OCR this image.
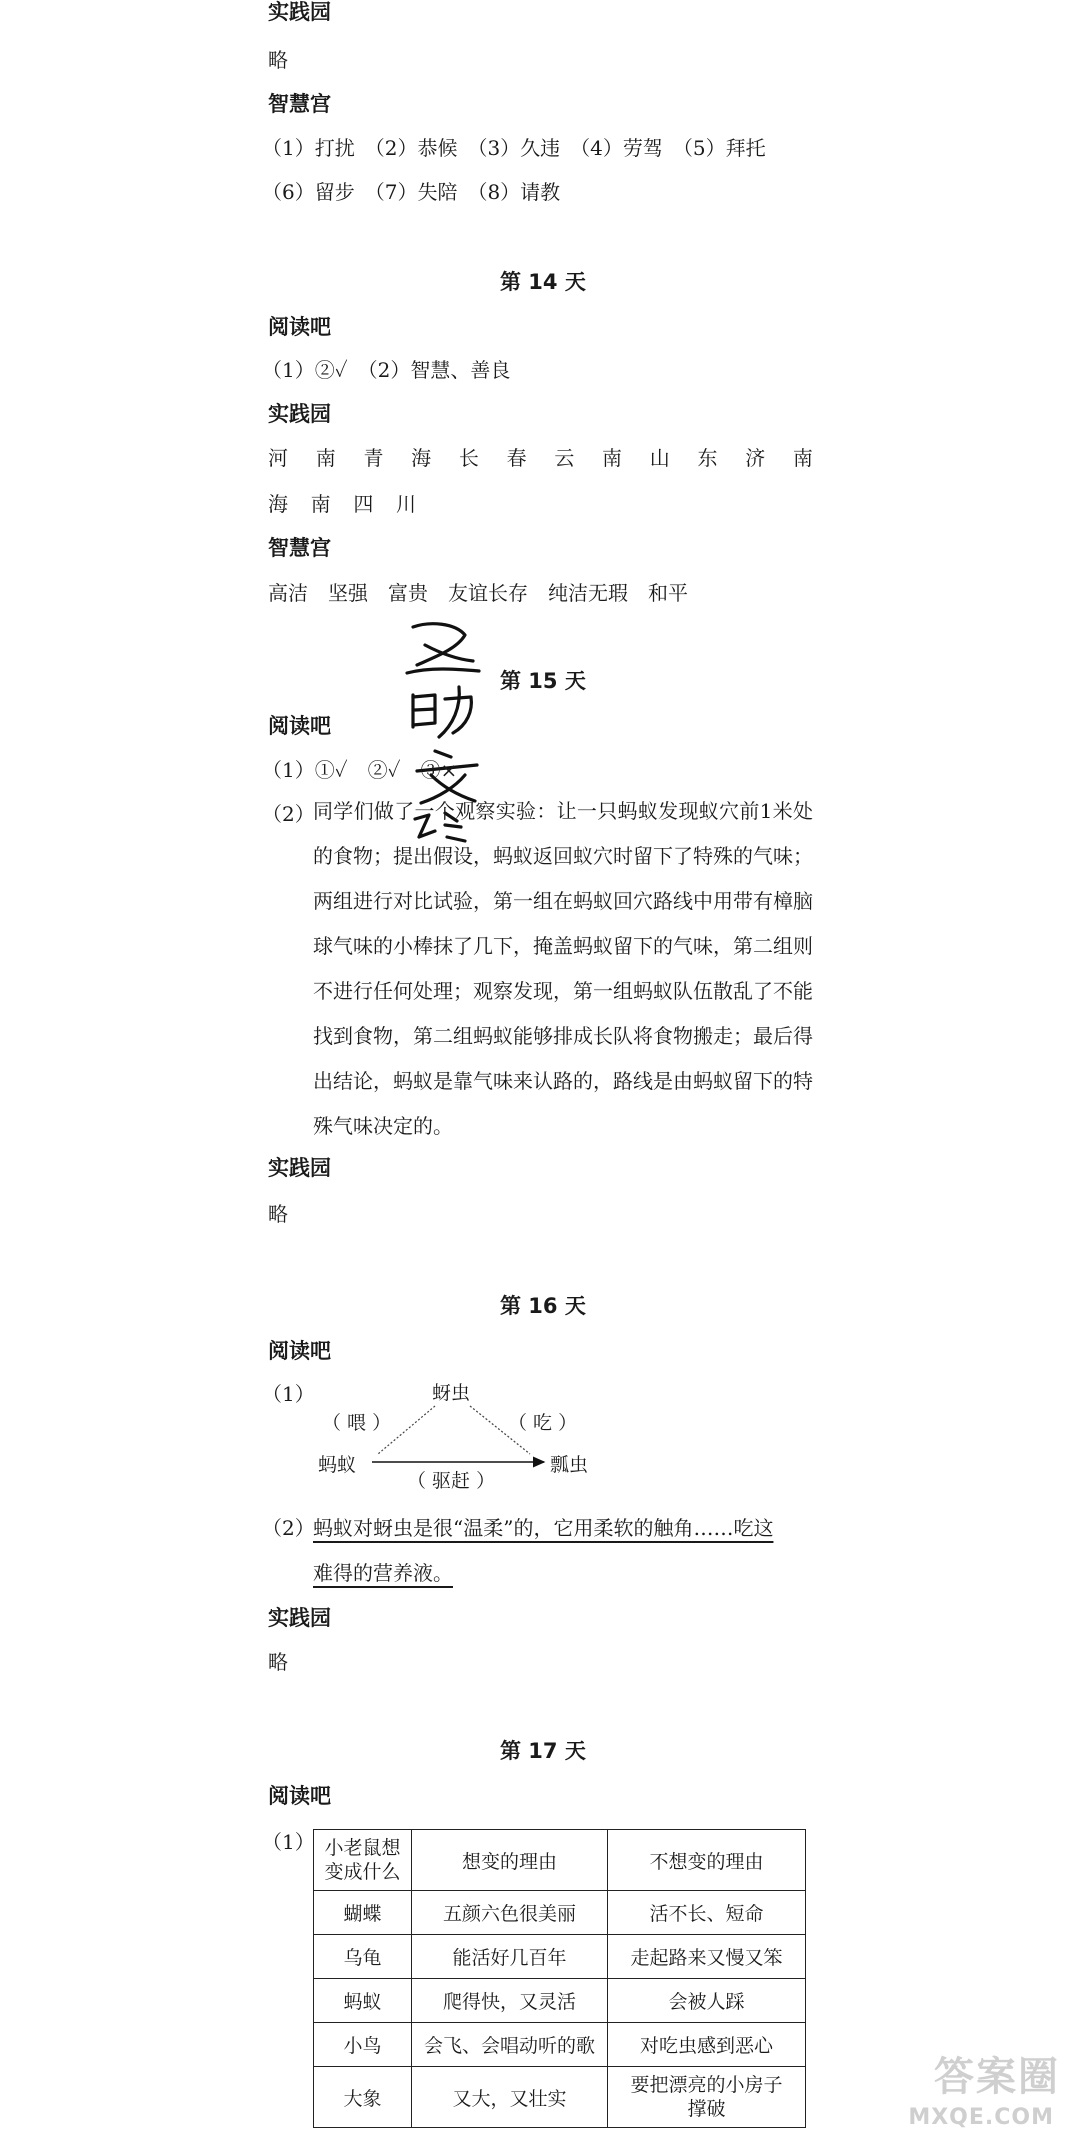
实践园
略
智慧宫
（1）打扰　（2）恭候　（3）久违　（4）劳驾　（5）拜托
（6）留步　（7）失陪　（8）请教
第 14 天
阅读吧
（1）②✓　（2）智慧、善良
实践园
河 南 青 海 长 春 云 南 山 东 济 南
海 南 四 川
智慧宫
高洁　坚强　富贵　友谊长存　纯洁无瑕　和平
第 15 天
阅读吧
（1）①✓　②✓　③×
（2）
同学们做了一个观察实验：让一只蚂蚁发现蚁穴前1米处的食物；提出假设，蚂蚁返回蚁穴时留下了特殊的气味；两组进行对比试验，第一组在蚂蚁回穴路线中用带有樟脑球气味的小棒抹了几下，掩盖蚂蚁留下的气味，第二组则不进行任何处理；观察发现，第一组蚂蚁队伍散乱了不能找到食物，第二组蚂蚁能够排成长队将食物搬走；最后得出结论，蚂蚁是靠气味来认路的，路线是由蚂蚁留下的特殊气味决定的。
实践园
略
第 16 天
阅读吧
（1）	蚜虫
（ 喂 ）	（ 吃 ）
蚂蚁	瓢虫
（ 驱赶 ）
（2）
蚂蚁对蚜虫是很“温柔”的，它用柔软的触角……吃这
难得的营养液。
实践园
略
第 17 天
阅读吧
（1） 小老鼠想
变成什么	想变的理由	不想变的理由
蝴蝶	五颜六色很美丽	活不长、短命
乌龟	能活好几百年	走起路来又慢又笨
蚂蚁	爬得快，又灵活	会被人踩
小鸟	会飞、会唱动听的歌	对吃虫感到恶心
大象	又大，又壮实	要把漂亮的小房子
撑破
答案圈
MXQE.COM
